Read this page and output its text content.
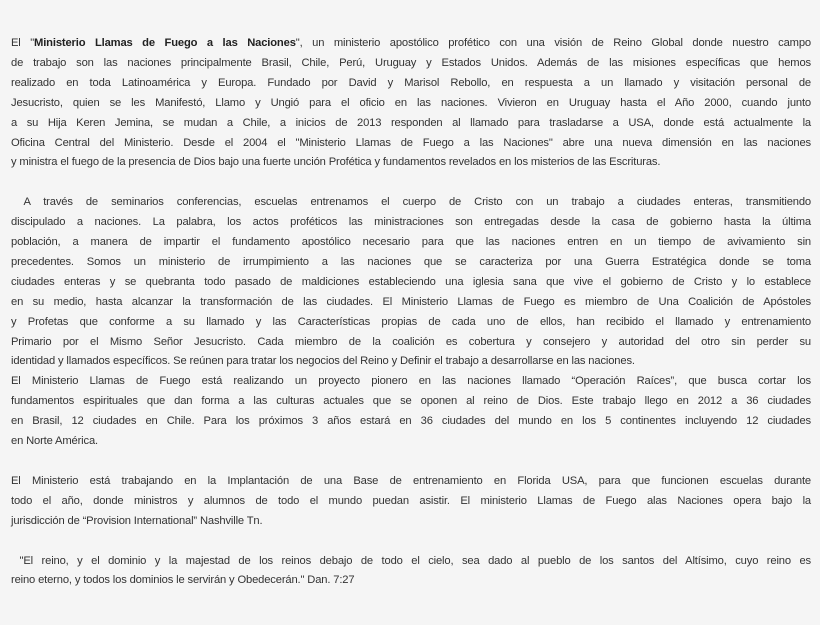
El "Ministerio Llamas de Fuego a las Naciones", un ministerio apostólico profético con una visión de Reino Global donde nuestro campo
de trabajo son las naciones principalmente Brasil, Chile, Perú, Uruguay y Estados Unidos. Además de las misiones específicas que hemos
realizado en toda Latinoamérica y Europa. Fundado por David y Marisol Rebollo, en respuesta a un llamado y visitación personal de
Jesucristo, quien se les Manifestó, Llamo y Ungió para el oficio en las naciones. Vivieron en Uruguay hasta el Año 2000, cuando junto
a su Hija Keren Jemina, se mudan a Chile, a inicios de 2013 responden al llamado para trasladarse a USA, donde está actualmente la
Oficina Central del Ministerio. Desde el 2004 el "Ministerio Llamas de Fuego a las Naciones" abre una nueva dimensión en las naciones
y ministra el fuego de la presencia de Dios bajo una fuerte unción Profética y fundamentos revelados en los misterios de las Escrituras.
A través de seminarios conferencias, escuelas entrenamos el cuerpo de Cristo con un trabajo a ciudades enteras, transmitiendo
discipulado a naciones. La palabra, los actos proféticos las ministraciones son entregadas desde la casa de gobierno hasta la última
población, a manera de impartir el fundamento apostólico necesario para que las naciones entren en un tiempo de avivamiento sin
precedentes. Somos un ministerio de irrumpimiento a las naciones que se caracteriza por una Guerra Estratégica donde se toma
ciudades enteras y se quebranta todo pasado de maldiciones estableciendo una iglesia sana que vive el gobierno de Cristo y lo establece
en su medio, hasta alcanzar la transformación de las ciudades. El Ministerio Llamas de Fuego es miembro de Una Coalición de Apóstoles
y Profetas que conforme a su llamado y las Características propias de cada uno de ellos, han recibido el llamado y entrenamiento
Primario por el Mismo Señor Jesucristo. Cada miembro de la coalición es cobertura y consejero y autoridad del otro sin perder su
identidad y llamados específicos. Se reúnen para tratar los negocios del Reino y Definir el trabajo a desarrollarse en las naciones.
El Ministerio Llamas de Fuego está realizando un proyecto pionero en las naciones llamado “Operación Raíces”, que busca cortar los
fundamentos espirituales que dan forma a las culturas actuales que se oponen al reino de Dios. Este trabajo llego en 2012 a 36 ciudades
en Brasil, 12 ciudades en Chile. Para los próximos 3 años estará en 36 ciudades del mundo en los 5 continentes incluyendo 12 ciudades
en Norte América.
El Ministerio está trabajando en la Implantación de una Base de entrenamiento en Florida USA, para que funcionen escuelas durante
todo el año, donde ministros y alumnos de todo el mundo puedan asistir. El ministerio Llamas de Fuego alas Naciones opera bajo la
jurisdicción de “Provision International” Nashville Tn.
"El reino, y el dominio y la majestad de los reinos debajo de todo el cielo, sea dado al pueblo de los santos del Altísimo, cuyo reino es
reino eterno, y todos los dominios le servirán y Obedecerán." Dan. 7:27
